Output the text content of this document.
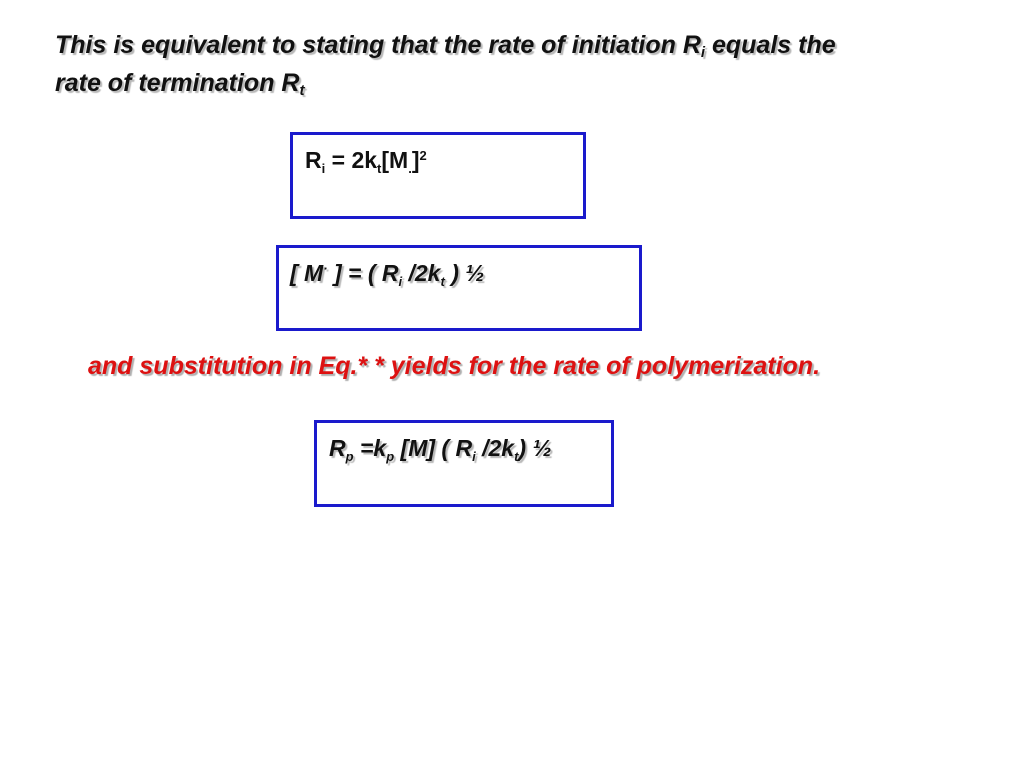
This is equivalent to stating that the rate of initiation $R_i$ equals the
rate of termination $R_t$
$R_i = 2k_t[M_.]^2$
[ M· ] = ( $R_i$ $/2k_t$ ) ½
and substitution in Eq.* * yields for the rate of polymerization.
$R_p =k_p$ [M] ( $R_i$ $/2k_t$) ½
